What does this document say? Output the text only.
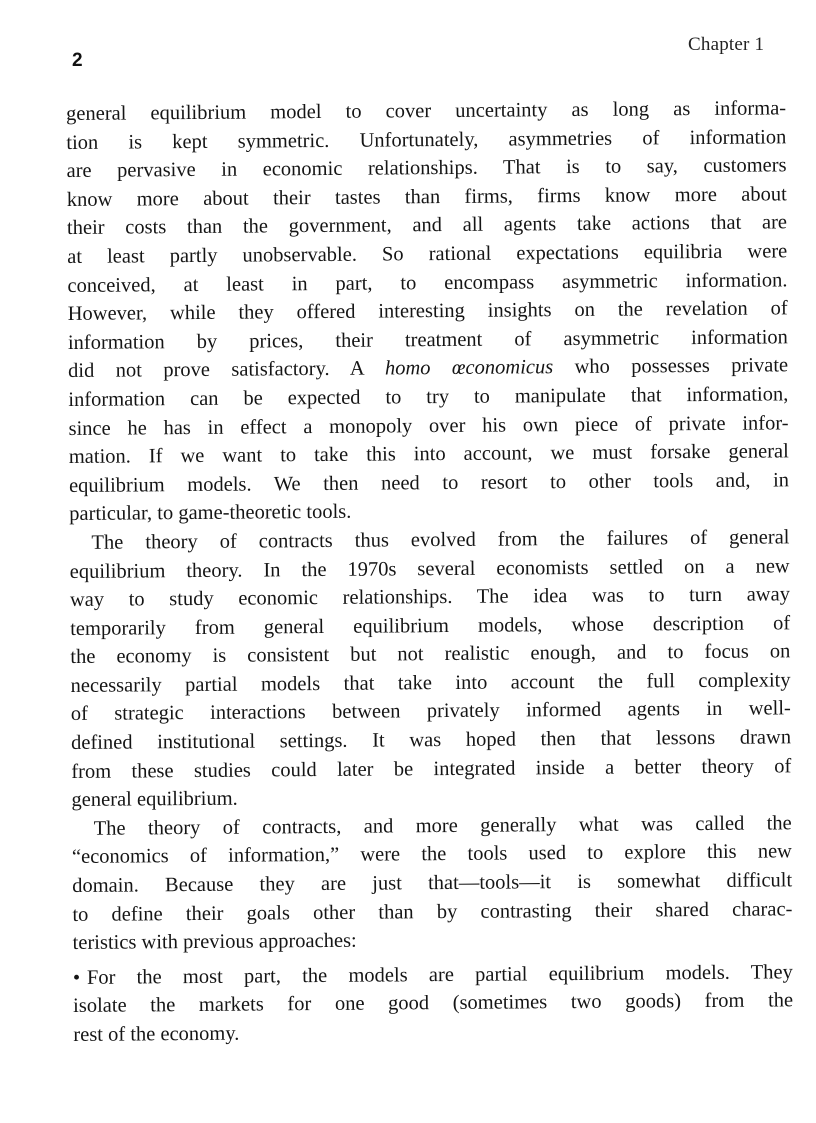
2
Chapter 1
general equilibrium model to cover uncertainty as long as informa-
tion is kept symmetric. Unfortunately, asymmetries of information
are pervasive in economic relationships. That is to say, customers
know more about their tastes than firms, firms know more about
their costs than the government, and all agents take actions that are
at least partly unobservable. So rational expectations equilibria were
conceived, at least in part, to encompass asymmetric information.
However, while they offered interesting insights on the revelation of
information by prices, their treatment of asymmetric information
did not prove satisfactory. A homo œconomicus who possesses private
information can be expected to try to manipulate that information,
since he has in effect a monopoly over his own piece of private infor-
mation. If we want to take this into account, we must forsake general
equilibrium models. We then need to resort to other tools and, in
particular, to game-theoretic tools.
The theory of contracts thus evolved from the failures of general
equilibrium theory. In the 1970s several economists settled on a new
way to study economic relationships. The idea was to turn away
temporarily from general equilibrium models, whose description of
the economy is consistent but not realistic enough, and to focus on
necessarily partial models that take into account the full complexity
of strategic interactions between privately informed agents in well-
defined institutional settings. It was hoped then that lessons drawn
from these studies could later be integrated inside a better theory of
general equilibrium.
The theory of contracts, and more generally what was called the
“economics of information,” were the tools used to explore this new
domain. Because they are just that—tools—it is somewhat difficult
to define their goals other than by contrasting their shared charac-
teristics with previous approaches:
• For the most part, the models are partial equilibrium models. They
isolate the markets for one good (sometimes two goods) from the
rest of the economy.
